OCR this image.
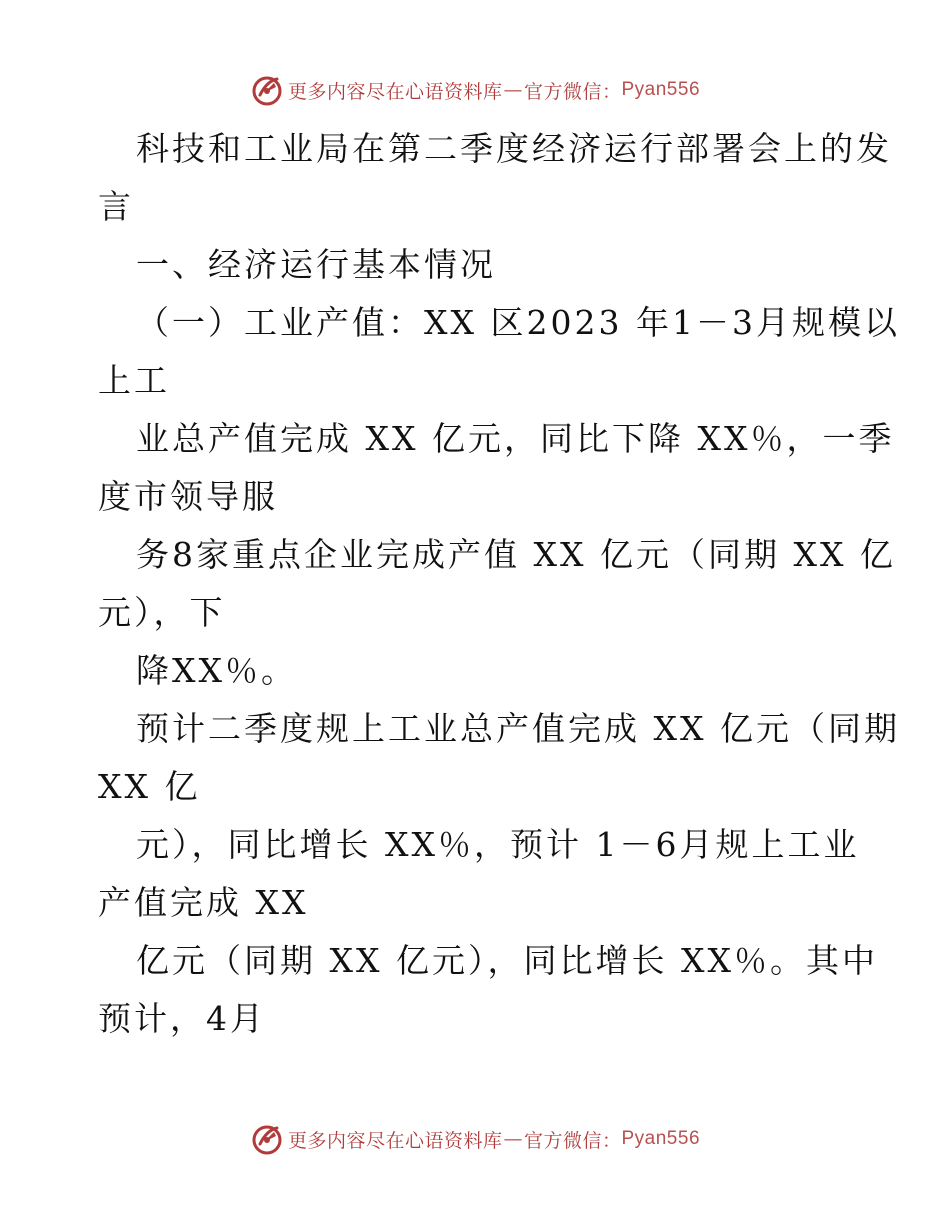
更多内容尽在心语资料库 — 官方微信： Pyan556

科技和工业局在第二季度经济运行部署会上的发
言

一、经济运行基本情况

（一）工业产值：XX 区2023 年1－3月规模以
上工

业总产值完成 XX 亿元，同比下降 XX％，一季
度市领导服

务8家重点企业完成产值 XX 亿元（同期 XX 亿
元），下

降XX％。

预计二季度规上工业总产值完成 XX 亿元（同期
XX 亿

元），同比增长 XX％，预计 1－6月规上工业
产值完成 XX

亿元（同期 XX 亿元），同比增长 XX％。其中
预计，4月

更多内容尽在心语资料库 — 官方微信： Pyan556
